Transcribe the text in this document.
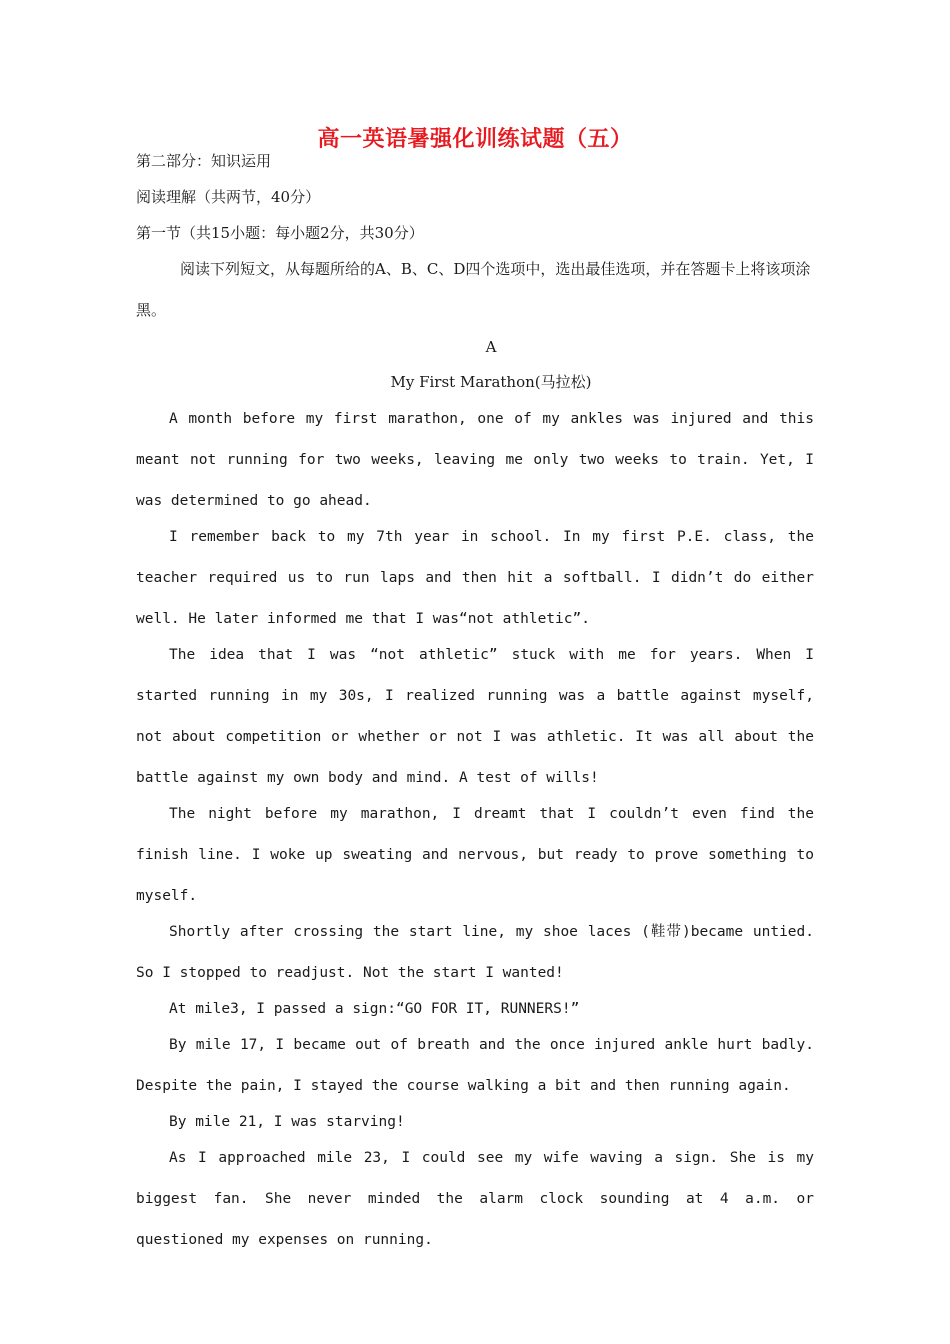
高一英语暑强化训练试题（五）
第二部分：知识运用
阅读理解（共两节，40分）
第一节（共15小题：每小题2分，共30分）
阅读下列短文，从每题所给的A、B、C、D四个选项中，选出最佳选项，并在答题卡上将该项涂黑。
A
My First Marathon(马拉松)

A month before my first marathon, one of my ankles was injured and this meant not running for two weeks, leaving me only two weeks to train. Yet, I was determined to go ahead.

I remember back to my 7th year in school. In my first P.E. class, the teacher required us to run laps and then hit a softball. I didn’t do either well. He later informed me that I was“not athletic”.

The idea that I was “not athletic” stuck with me for years. When I started running in my 30s, I realized running was a battle against myself, not about competition or whether or not I was athletic. It was all about the battle against my own body and mind. A test of wills!

The night before my marathon, I dreamt that I couldn’t even find the finish line. I woke up sweating and nervous, but ready to prove something to myself.

Shortly after crossing the start line, my shoe laces (鞋带)became untied. So I stopped to readjust. Not the start I wanted!

At mile3, I passed a sign:“GO FOR IT, RUNNERS!”

By mile 17, I became out of breath and the once injured ankle hurt badly. Despite the pain, I stayed the course walking a bit and then running again.

By mile 21, I was starving!

As I approached mile 23, I could see my wife waving a sign. She is my biggest fan. She never minded the alarm clock sounding at 4 a.m. or questioned my expenses on running.
